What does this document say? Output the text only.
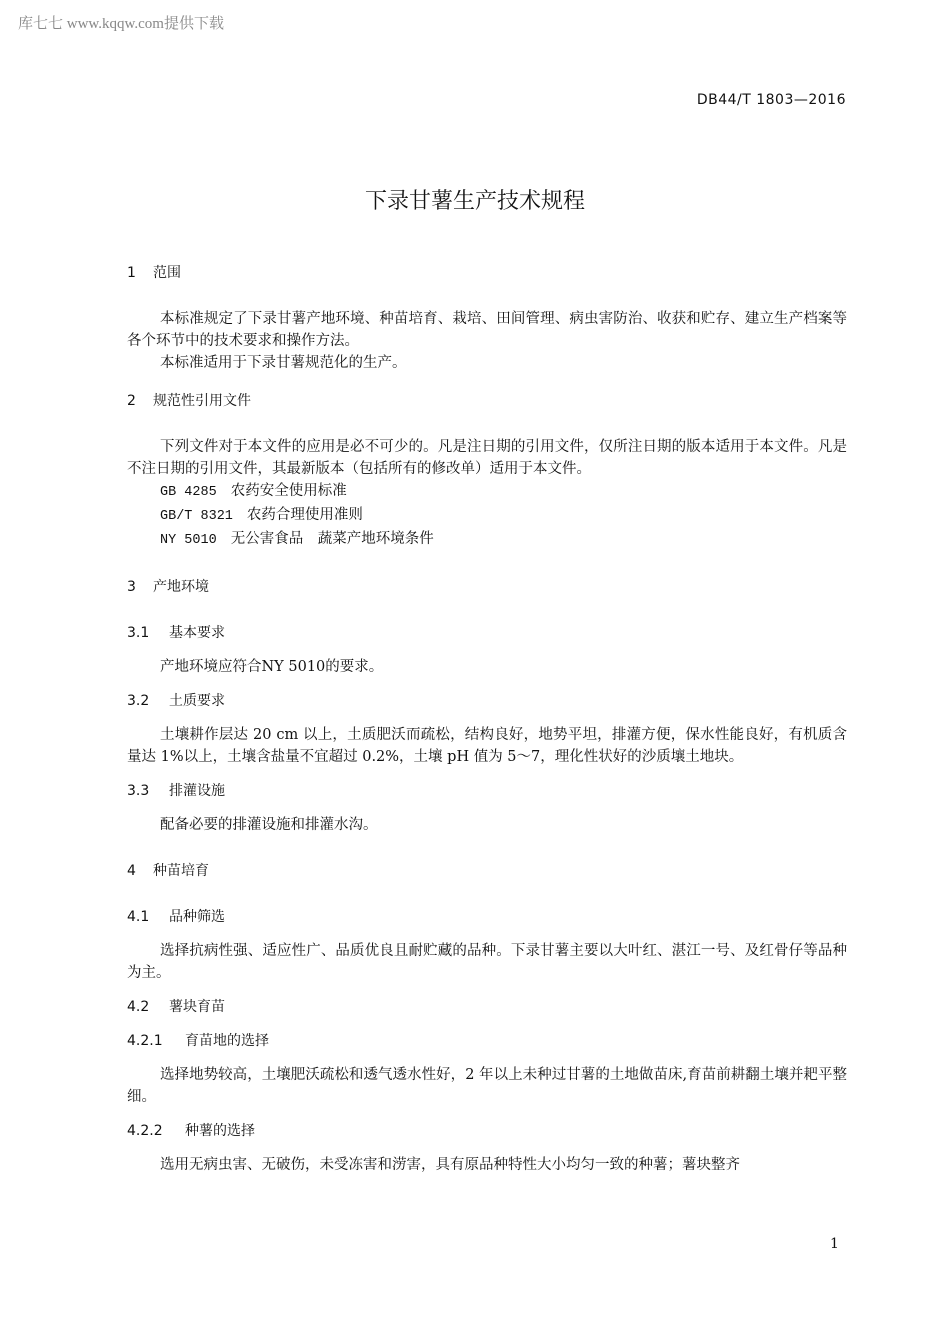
库七七 www.kqqw.com提供下载
DB44/T 1803—2016
下录甘薯生产技术规程
1 范围

本标准规定了下录甘薯产地环境、种苗培育、栽培、田间管理、病虫害防治、收获和贮存、建立生产档案等各个环节中的技术要求和操作方法。

本标准适用于下录甘薯规范化的生产。

2 规范性引用文件

下列文件对于本文件的应用是必不可少的。凡是注日期的引用文件，仅所注日期的版本适用于本文件。凡是不注日期的引用文件，其最新版本（包括所有的修改单）适用于本文件。

GB 4285 农药安全使用标准
GB/T 8321 农药合理使用准则
NY 5010 无公害食品　蔬菜产地环境条件
3 产地环境
3.1 基本要求

产地环境应符合NY 5010的要求。

3.2 土质要求

土壤耕作层达 20 cm 以上，土质肥沃而疏松，结构良好，地势平坦，排灌方便，保水性能良好，有机质含量达 1%以上，土壤含盐量不宜超过 0.2%，土壤 pH 值为 5～7，理化性状好的沙质壤土地块。

3.3 排灌设施

配备必要的排灌设施和排灌水沟。

4 种苗培育
4.1 品种筛选

选择抗病性强、适应性广、品质优良且耐贮藏的品种。下录甘薯主要以大叶红、湛江一号、及红骨仔等品种为主。

4.2 薯块育苗
4.2.1 育苗地的选择

选择地势较高，土壤肥沃疏松和透气透水性好，2 年以上未种过甘薯的土地做苗床,育苗前耕翻土壤并耙平整细。

4.2.2 种薯的选择

选用无病虫害、无破伤，未受冻害和涝害，具有原品种特性大小均匀一致的种薯；薯块整齐

1
